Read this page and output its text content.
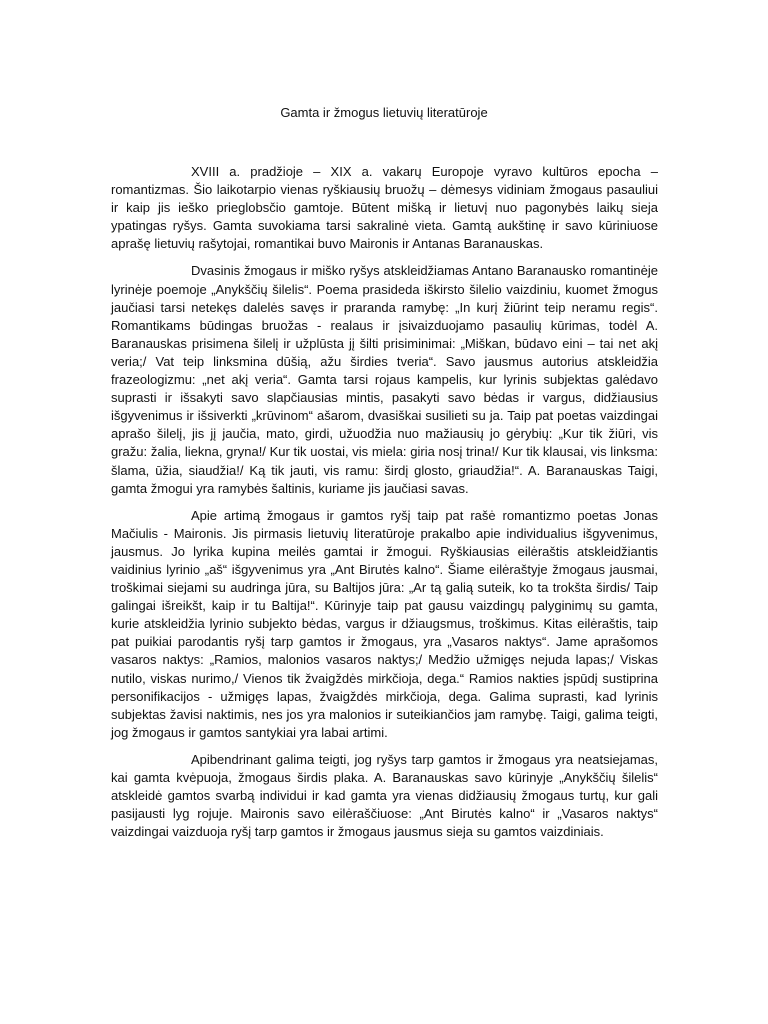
Gamta ir žmogus lietuvių literatūroje

XVIII a. pradžioje – XIX a. vakarų Europoje vyravo kultūros epocha – romantizmas. Šio laikotarpio vienas ryškiausių bruožų – dėmesys vidiniam žmogaus pasauliui ir kaip jis ieško prieglobsčio gamtoje. Būtent mišką ir lietuvį nuo pagonybės laikų sieja ypatingas ryšys. Gamta suvokiama tarsi sakralinė vieta. Gamtą aukštinę ir savo kūriniuose aprašę lietuvių rašytojai, romantikai buvo Maironis ir Antanas Baranauskas.

Dvasinis žmogaus ir miško ryšys atskleidžiamas Antano Baranausko romantinėje lyrinėje poemoje „Anykščių šilelis“. Poema prasideda iškirsto šilelio vaizdiniu, kuomet žmogus jaučiasi tarsi netekęs dalelės savęs ir praranda ramybę: „In kurį žiūrint teip neramu regis“. Romantikams būdingas bruožas - realaus ir įsivaizduojamo pasaulių kūrimas, todėl A. Baranauskas prisimena šilelį ir užplūsta jį šilti prisiminimai: „Miškan, būdavo eini – tai net akį veria;/ Vat teip linksmina dūšią, ažu širdies tveria“. Savo jausmus autorius atskleidžia frazeologizmu: „net akį veria“. Gamta tarsi rojaus kampelis, kur lyrinis subjektas galėdavo suprasti ir išsakyti savo slapčiausias mintis, pasakyti savo bėdas ir vargus, didžiausius išgyvenimus ir išsiverkti „krūvinom“ ašarom, dvasiškai susilieti su ja. Taip pat poetas vaizdingai aprašo šilelį, jis jį jaučia, mato, girdi, užuodžia nuo mažiausių jo gėrybių: „Kur tik žiūri, vis gražu: žalia, liekna, gryna!/ Kur tik uostai, vis miela: giria nosį trina!/ Kur tik klausai, vis linksma: šlama, ūžia, siaudžia!/ Ką tik jauti, vis ramu: širdį glosto, griaudžia!“. A. Baranauskas Taigi, gamta žmogui yra ramybės šaltinis, kuriame jis jaučiasi savas.

Apie artimą žmogaus ir gamtos ryšį taip pat rašė romantizmo poetas Jonas Mačiulis - Maironis. Jis pirmasis lietuvių literatūroje prakalbo apie individualius išgyvenimus, jausmus. Jo lyrika kupina meilės gamtai ir žmogui. Ryškiausias eilėraštis atskleidžiantis vaidinius lyrinio „aš“ išgyvenimus yra „Ant Birutės kalno“. Šiame eilėraštyje žmogaus jausmai, troškimai siejami su audringa jūra, su Baltijos jūra: „Ar tą galią suteik, ko ta trokšta širdis/ Taip galingai išreikšt, kaip ir tu Baltija!“. Kūrinyje taip pat gausu vaizdingų palyginimų su gamta, kurie atskleidžia lyrinio subjekto bėdas, vargus ir džiaugsmus, troškimus. Kitas eilėraštis, taip pat puikiai parodantis ryšį tarp gamtos ir žmogaus, yra „Vasaros naktys“. Jame aprašomos vasaros naktys: „Ramios, malonios vasaros naktys;/ Medžio užmigęs nejuda lapas;/ Viskas nutilo, viskas nurimo,/ Vienos tik žvaigždės mirkčioja, dega.“ Ramios nakties įspūdį sustiprina personifikacijos - užmigęs lapas, žvaigždės mirkčioja, dega. Galima suprasti, kad lyrinis subjektas žavisi naktimis, nes jos yra malonios ir suteikiančios jam ramybę. Taigi, galima teigti, jog žmogaus ir gamtos santykiai yra labai artimi.

Apibendrinant galima teigti, jog ryšys tarp gamtos ir žmogaus yra neatsiejamas, kai gamta kvėpuoja, žmogaus širdis plaka. A. Baranauskas savo kūrinyje „Anykščių šilelis“ atskleidė gamtos svarbą individui ir kad gamta yra vienas didžiausių žmogaus turtų, kur gali pasijausti lyg rojuje. Maironis savo eilėraščiuose: „Ant Birutės kalno“ ir „Vasaros naktys“ vaizdingai vaizduoja ryšį tarp gamtos ir žmogaus jausmus sieja su gamtos vaizdiniais.
